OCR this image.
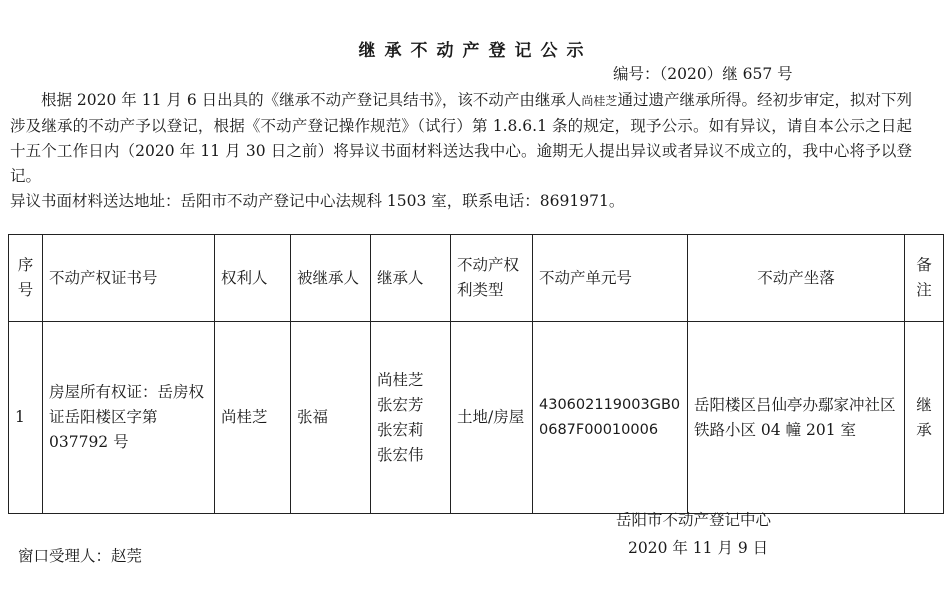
继承不动产登记公示
编号：（2020）继 657 号

根据 2020 年 11 月 6 日出具的《继承不动产登记具结书》，该不动产由继承人尚桂芝通过遗产继承所得。经初步审定，拟对下列涉及继承的不动产予以登记，根据《不动产登记操作规范》（试行）第 1.8.6.1 条的规定，现予公示。如有异议，请自本公示之日起十五个工作日内（2020 年 11 月 30 日之前）将异议书面材料送达我中心。逾期无人提出异议或者异议不成立的，我中心将予以登记。

异议书面材料送达地址：岳阳市不动产登记中心法规科 1503 室，联系电话：8691971。

序号	不动产权证书号	权利人	被继承人	继承人	不动产权利类型	不动产单元号	不动产坐落	备注
1	房屋所有权证：岳房权证岳阳楼区字第 037792 号	尚桂芝	张福	尚桂芝
张宏芳
张宏莉
张宏伟	土地/房屋	430602119003GB00687F00010006	岳阳楼区吕仙亭办鄢家冲社区铁路小区 04 幢 201 室	继承
岳阳市不动产登记中心
2020 年 11 月 9 日
窗口受理人：赵莞
